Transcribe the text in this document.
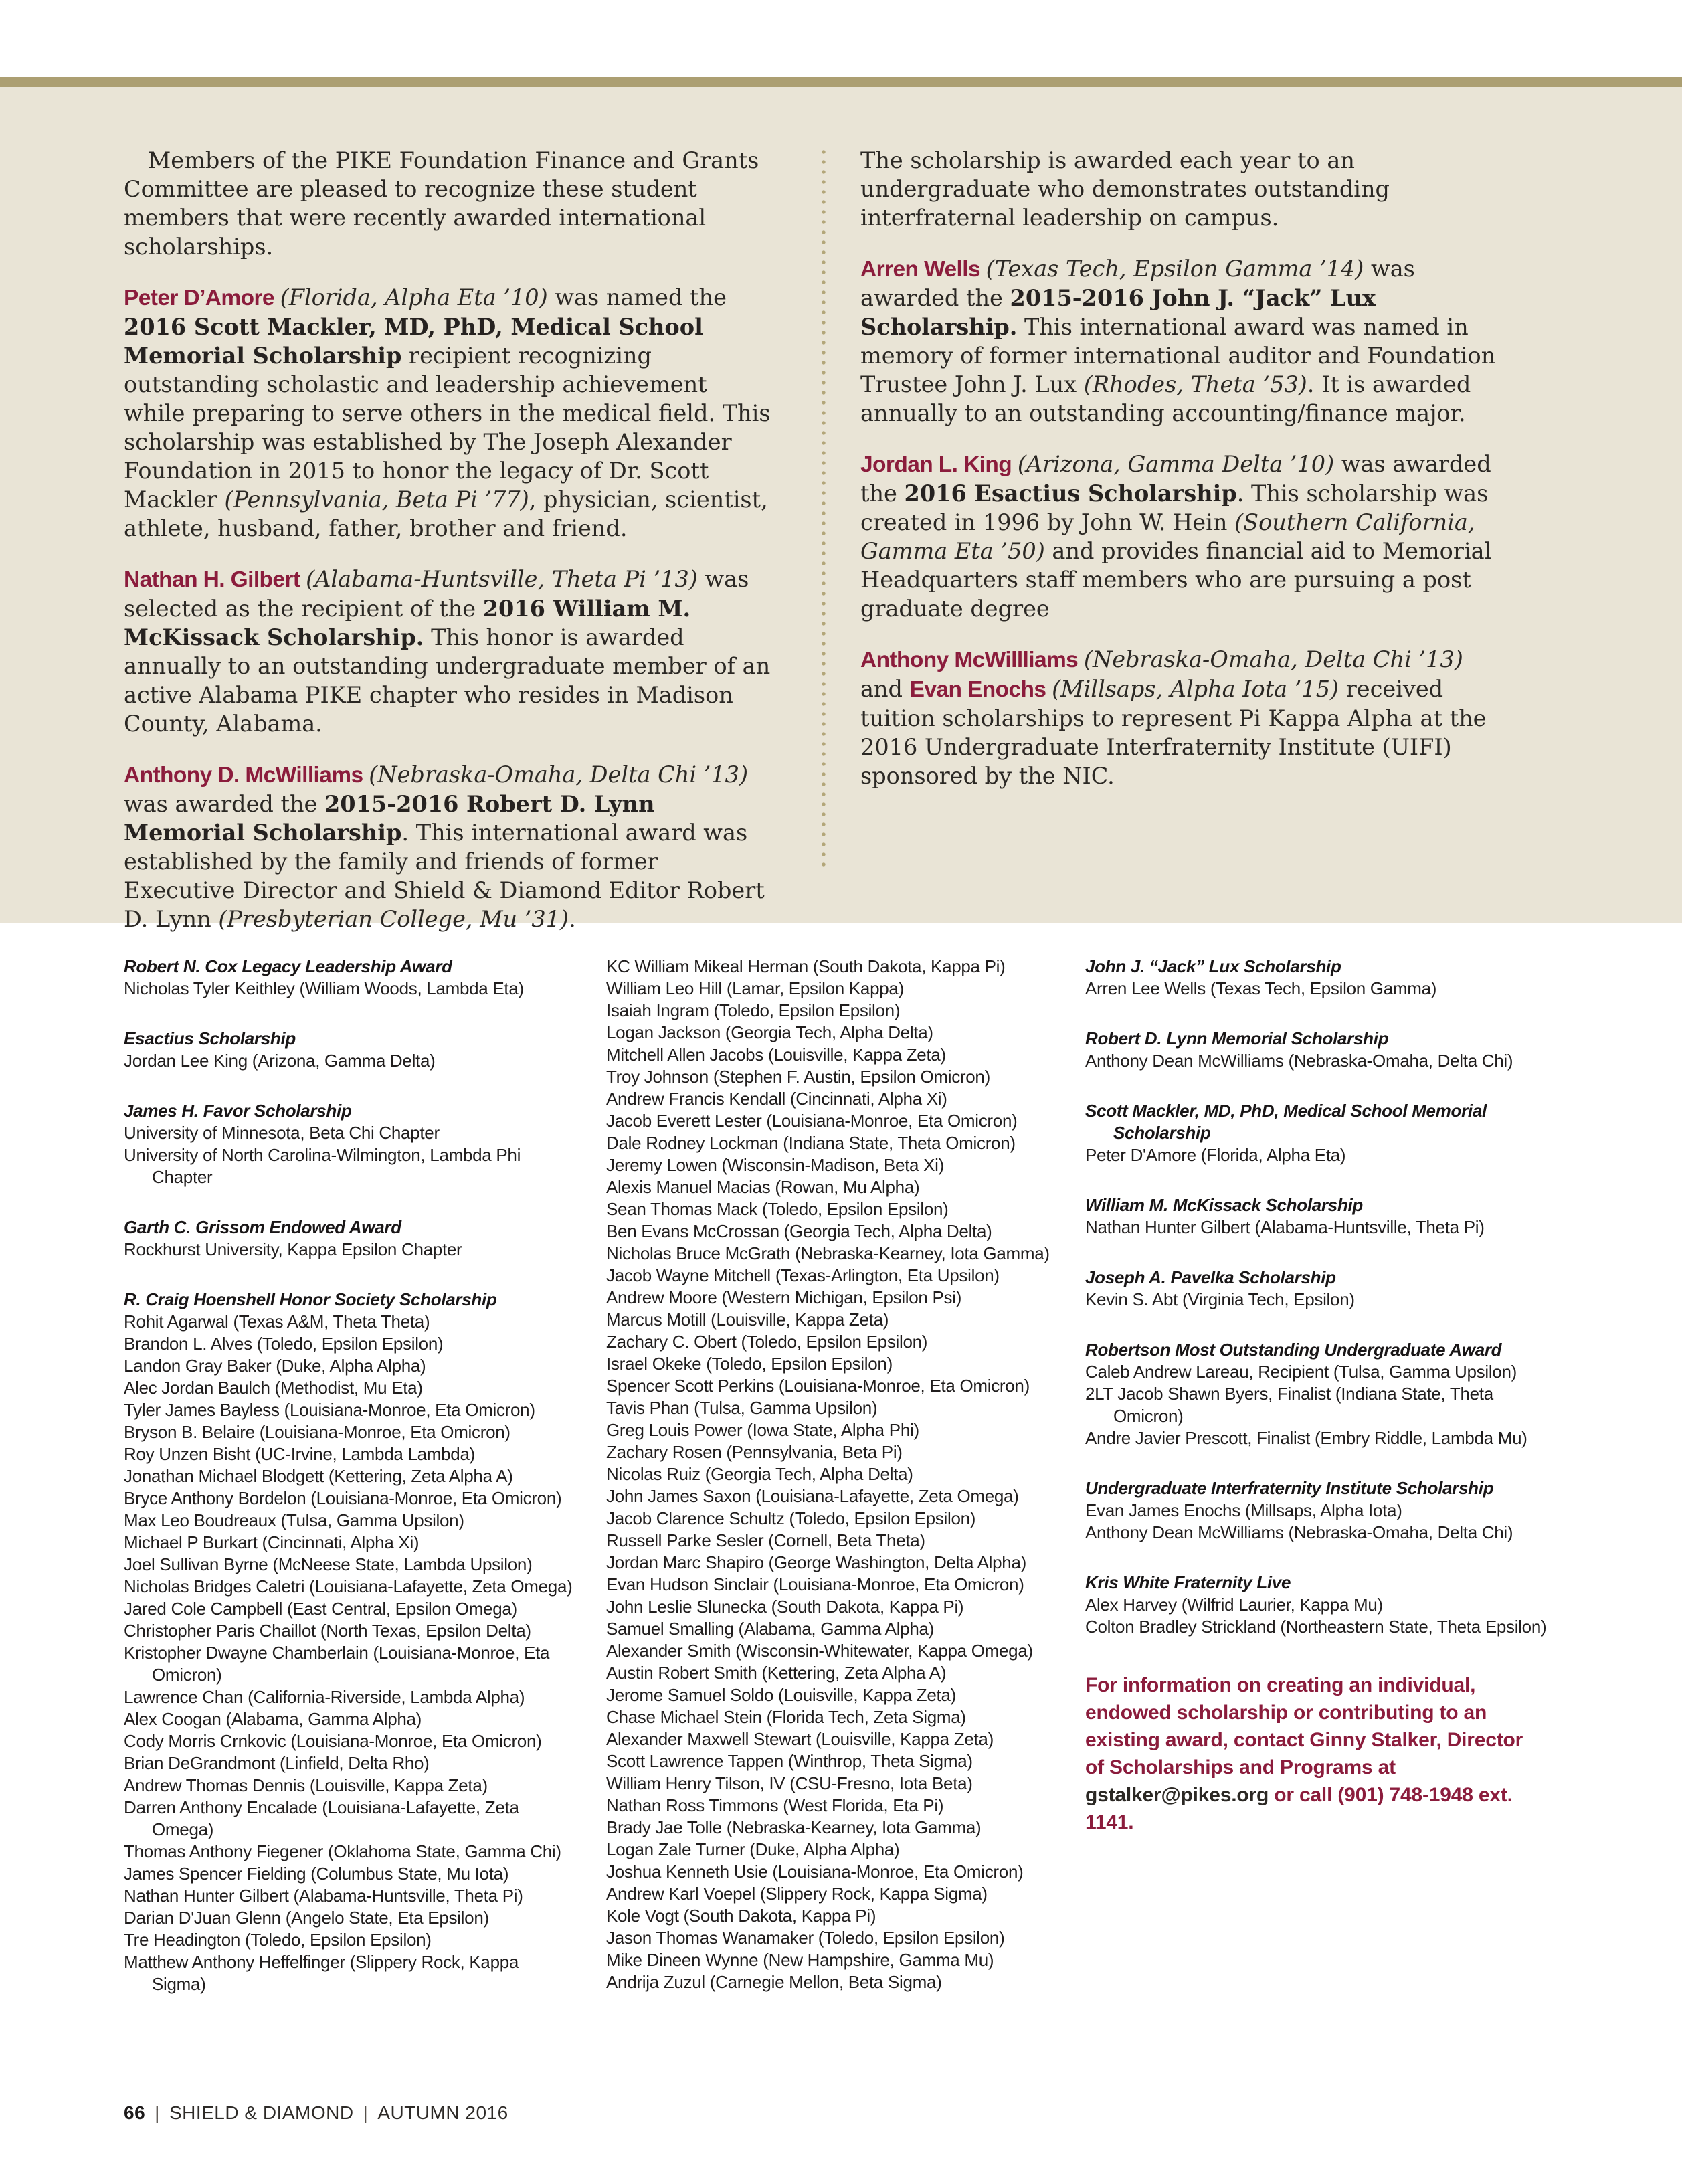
Members of the PIKE Foundation Finance and Grants Committee are pleased to recognize these student members that were recently awarded international scholarships.

Peter D’Amore (Florida, Alpha Eta ’10) was named the 2016 Scott Mackler, MD, PhD, Medical School Memorial Scholarship recipient recognizing outstanding scholastic and leadership achievement while preparing to serve others in the medical field. This scholarship was established by The Joseph Alexander Foundation in 2015 to honor the legacy of Dr. Scott Mackler (Pennsylvania, Beta Pi ’77), physician, scientist, athlete, husband, father, brother and friend.

Nathan H. Gilbert (Alabama-Huntsville, Theta Pi ’13) was selected as the recipient of the 2016 William M. McKissack Scholarship. This honor is awarded annually to an outstanding undergraduate member of an active Alabama PIKE chapter who resides in Madison County, Alabama.

Anthony D. McWilliams (Nebraska-Omaha, Delta Chi ’13) was awarded the 2015-2016 Robert D. Lynn Memorial Scholarship. This international award was established by the family and friends of former Executive Director and Shield & Diamond Editor Robert D. Lynn (Presbyterian College, Mu ’31).

The scholarship is awarded each year to an undergraduate who demonstrates outstanding interfraternal leadership on campus.

Arren Wells (Texas Tech, Epsilon Gamma ’14) was awarded the 2015-2016 John J. “Jack” Lux Scholarship. This international award was named in memory of former international auditor and Foundation Trustee John J. Lux (Rhodes, Theta ’53). It is awarded annually to an outstanding accounting/finance major.

Jordan L. King (Arizona, Gamma Delta ’10) was awarded the 2016 Esactius Scholarship. This scholarship was created in 1996 by John W. Hein (Southern California, Gamma Eta ’50) and provides financial aid to Memorial Headquarters staff members who are pursuing a post graduate degree

Anthony McWillliams (Nebraska-Omaha, Delta Chi ’13) and Evan Enochs (Millsaps, Alpha Iota ’15) received tuition scholarships to represent Pi Kappa Alpha at the 2016 Undergraduate Interfraternity Institute (UIFI) sponsored by the NIC.

Robert N. Cox Legacy Leadership Award
Nicholas Tyler Keithley (William Woods, Lambda Eta)
Esactius Scholarship
Jordan Lee King (Arizona, Gamma Delta)
James H. Favor Scholarship
University of Minnesota, Beta Chi Chapter
University of North Carolina-Wilmington, Lambda Phi Chapter
Garth C. Grissom Endowed Award
Rockhurst University, Kappa Epsilon Chapter
R. Craig Hoenshell Honor Society Scholarship
Rohit Agarwal (Texas A&M, Theta Theta)
Brandon L. Alves (Toledo, Epsilon Epsilon)
Landon Gray Baker (Duke, Alpha Alpha)
Alec Jordan Baulch (Methodist, Mu Eta)
Tyler James Bayless (Louisiana-Monroe, Eta Omicron)
Bryson B. Belaire (Louisiana-Monroe, Eta Omicron)
Roy Unzen Bisht (UC-Irvine, Lambda Lambda)
Jonathan Michael Blodgett (Kettering, Zeta Alpha A)
Bryce Anthony Bordelon (Louisiana-Monroe, Eta Omicron)
Max Leo Boudreaux (Tulsa, Gamma Upsilon)
Michael P Burkart (Cincinnati, Alpha Xi)
Joel Sullivan Byrne (McNeese State, Lambda Upsilon)
Nicholas Bridges Caletri (Louisiana-Lafayette, Zeta Omega)
Jared Cole Campbell (East Central, Epsilon Omega)
Christopher Paris Chaillot (North Texas, Epsilon Delta)
Kristopher Dwayne Chamberlain (Louisiana-Monroe, Eta Omicron)
Lawrence Chan (California-Riverside, Lambda Alpha)
Alex Coogan (Alabama, Gamma Alpha)
Cody Morris Crnkovic (Louisiana-Monroe, Eta Omicron)
Brian DeGrandmont (Linfield, Delta Rho)
Andrew Thomas Dennis (Louisville, Kappa Zeta)
Darren Anthony Encalade (Louisiana-Lafayette, Zeta Omega)
Thomas Anthony Fiegener (Oklahoma State, Gamma Chi)
James Spencer Fielding (Columbus State, Mu Iota)
Nathan Hunter Gilbert (Alabama-Huntsville, Theta Pi)
Darian D'Juan Glenn (Angelo State, Eta Epsilon)
Tre Headington (Toledo, Epsilon Epsilon)
Matthew Anthony Heffelfinger (Slippery Rock, Kappa Sigma)
KC William Mikeal Herman (South Dakota, Kappa Pi)
William Leo Hill (Lamar, Epsilon Kappa)
Isaiah Ingram (Toledo, Epsilon Epsilon)
Logan Jackson (Georgia Tech, Alpha Delta)
Mitchell Allen Jacobs (Louisville, Kappa Zeta)
Troy Johnson (Stephen F. Austin, Epsilon Omicron)
Andrew Francis Kendall (Cincinnati, Alpha Xi)
Jacob Everett Lester (Louisiana-Monroe, Eta Omicron)
Dale Rodney Lockman (Indiana State, Theta Omicron)
Jeremy Lowen (Wisconsin-Madison, Beta Xi)
Alexis Manuel Macias (Rowan, Mu Alpha)
Sean Thomas Mack (Toledo, Epsilon Epsilon)
Ben Evans McCrossan (Georgia Tech, Alpha Delta)
Nicholas Bruce McGrath (Nebraska-Kearney, Iota Gamma)
Jacob Wayne Mitchell (Texas-Arlington, Eta Upsilon)
Andrew Moore (Western Michigan, Epsilon Psi)
Marcus Motill (Louisville, Kappa Zeta)
Zachary C. Obert (Toledo, Epsilon Epsilon)
Israel Okeke (Toledo, Epsilon Epsilon)
Spencer Scott Perkins (Louisiana-Monroe, Eta Omicron)
Tavis Phan (Tulsa, Gamma Upsilon)
Greg Louis Power (Iowa State, Alpha Phi)
Zachary Rosen (Pennsylvania, Beta Pi)
Nicolas Ruiz (Georgia Tech, Alpha Delta)
John James Saxon (Louisiana-Lafayette, Zeta Omega)
Jacob Clarence Schultz (Toledo, Epsilon Epsilon)
Russell Parke Sesler (Cornell, Beta Theta)
Jordan Marc Shapiro (George Washington, Delta Alpha)
Evan Hudson Sinclair (Louisiana-Monroe, Eta Omicron)
John Leslie Slunecka (South Dakota, Kappa Pi)
Samuel Smalling (Alabama, Gamma Alpha)
Alexander Smith (Wisconsin-Whitewater, Kappa Omega)
Austin Robert Smith (Kettering, Zeta Alpha A)
Jerome Samuel Soldo (Louisville, Kappa Zeta)
Chase Michael Stein (Florida Tech, Zeta Sigma)
Alexander Maxwell Stewart (Louisville, Kappa Zeta)
Scott Lawrence Tappen (Winthrop, Theta Sigma)
William Henry Tilson, IV (CSU-Fresno, Iota Beta)
Nathan Ross Timmons (West Florida, Eta Pi)
Brady Jae Tolle (Nebraska-Kearney, Iota Gamma)
Logan Zale Turner (Duke, Alpha Alpha)
Joshua Kenneth Usie (Louisiana-Monroe, Eta Omicron)
Andrew Karl Voepel (Slippery Rock, Kappa Sigma)
Kole Vogt (South Dakota, Kappa Pi)
Jason Thomas Wanamaker (Toledo, Epsilon Epsilon)
Mike Dineen Wynne (New Hampshire, Gamma Mu)
Andrija Zuzul (Carnegie Mellon, Beta Sigma)
John J. “Jack” Lux Scholarship
Arren Lee Wells (Texas Tech, Epsilon Gamma)
Robert D. Lynn Memorial Scholarship
Anthony Dean McWilliams (Nebraska-Omaha, Delta Chi)
Scott Mackler, MD, PhD, Medical School Memorial Scholarship
Peter D'Amore (Florida, Alpha Eta)
William M. McKissack Scholarship
Nathan Hunter Gilbert (Alabama-Huntsville, Theta Pi)
Joseph A. Pavelka Scholarship
Kevin S. Abt (Virginia Tech, Epsilon)
Robertson Most Outstanding Undergraduate Award
Caleb Andrew Lareau, Recipient (Tulsa, Gamma Upsilon)
2LT Jacob Shawn Byers, Finalist (Indiana State, Theta Omicron)
Andre Javier Prescott, Finalist (Embry Riddle, Lambda Mu)
Undergraduate Interfraternity Institute Scholarship
Evan James Enochs (Millsaps, Alpha Iota)
Anthony Dean McWilliams (Nebraska-Omaha, Delta Chi)
Kris White Fraternity Live
Alex Harvey (Wilfrid Laurier, Kappa Mu)
Colton Bradley Strickland (Northeastern State, Theta Epsilon)
For information on creating an individual, endowed scholarship or contributing to an existing award, contact Ginny Stalker, Director of Scholarships and Programs at gstalker@pikes.org or call (901) 748-1948 ext. 1141.
66 | SHIELD & DIAMOND | AUTUMN 2016
